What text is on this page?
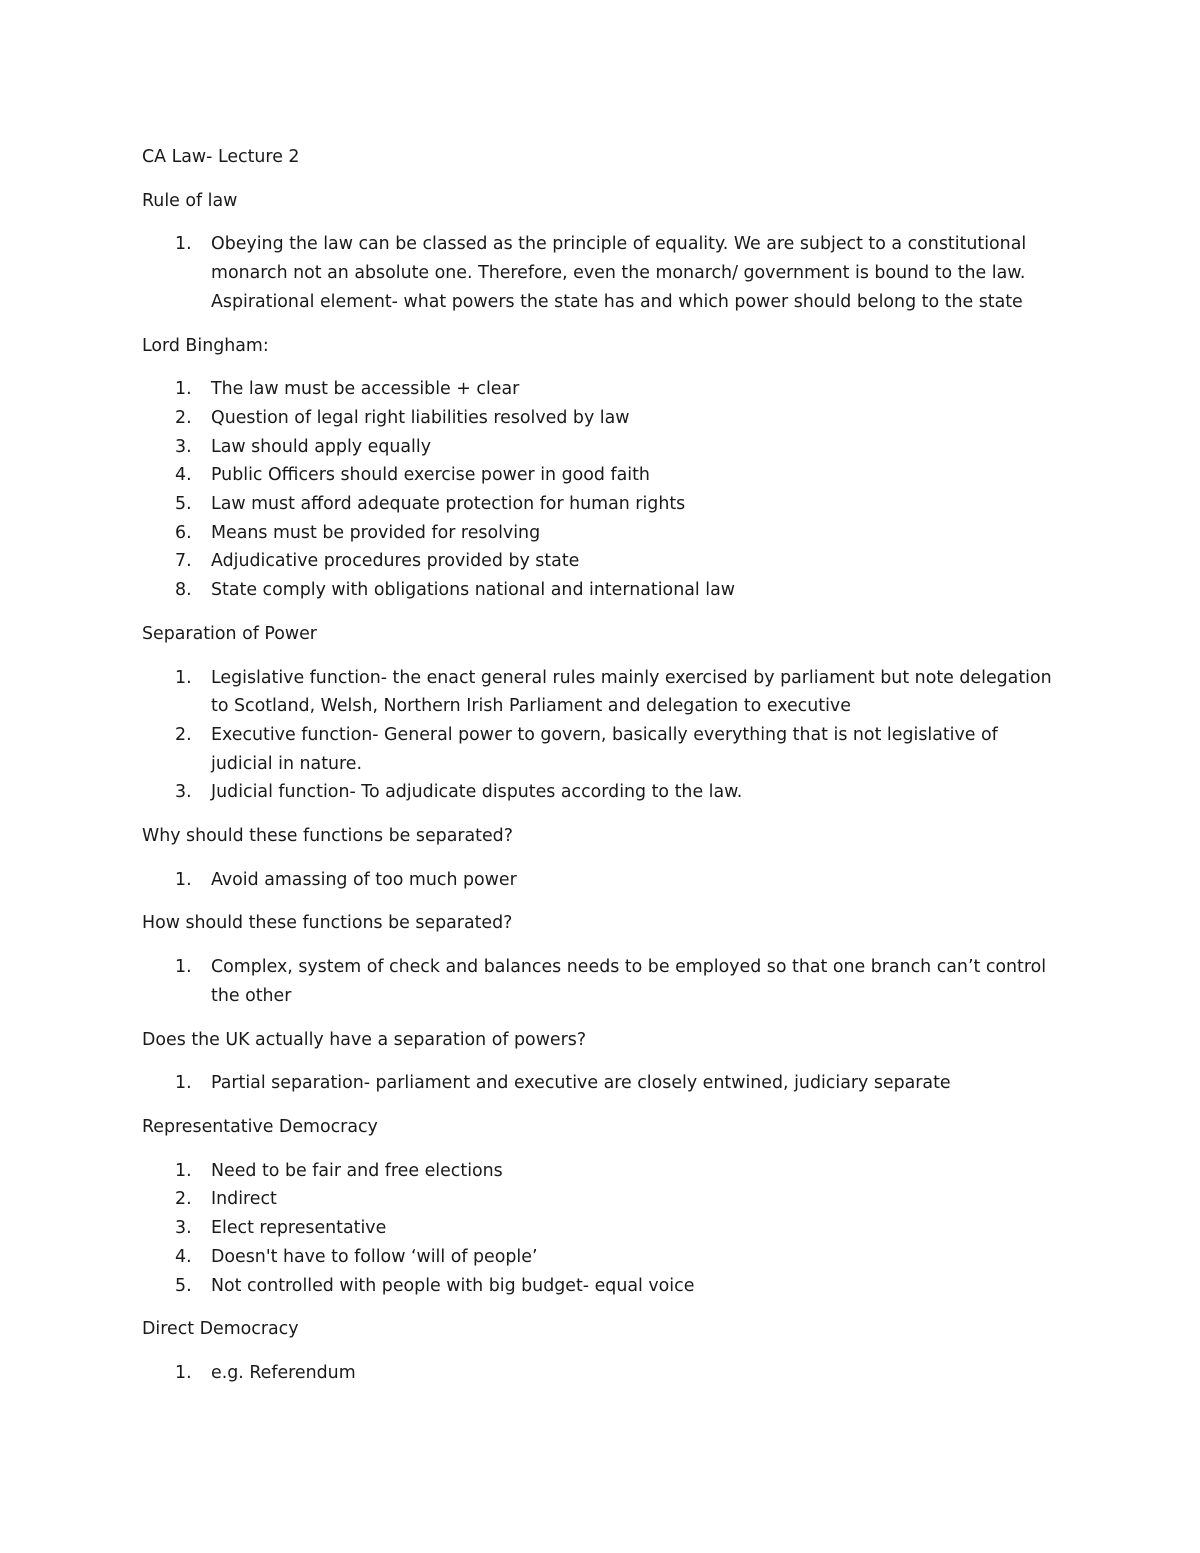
CA Law- Lecture 2

Rule of law

1. Obeying the law can be classed as the principle of equality. We are subject to a constitutional monarch not an absolute one. Therefore, even the monarch/ government is bound to the law. Aspirational element- what powers the state has and which power should belong to the state

Lord Bingham:

1. The law must be accessible + clear
2. Question of legal right liabilities resolved by law
3. Law should apply equally
4. Public Officers should exercise power in good faith
5. Law must afford adequate protection for human rights
6. Means must be provided for resolving
7. Adjudicative procedures provided by state
8. State comply with obligations national and international law

Separation of Power

1. Legislative function- the enact general rules mainly exercised by parliament but note delegation to Scotland, Welsh, Northern Irish Parliament and delegation to executive
2. Executive function- General power to govern, basically everything that is not legislative of judicial in nature.
3. Judicial function- To adjudicate disputes according to the law.

Why should these functions be separated?

1. Avoid amassing of too much power

How should these functions be separated?

1. Complex, system of check and balances needs to be employed so that one branch can’t control the other

Does the UK actually have a separation of powers?

1. Partial separation- parliament and executive are closely entwined, judiciary separate

Representative Democracy

1. Need to be fair and free elections
2. Indirect
3. Elect representative
4. Doesn't have to follow ‘will of people’
5. Not controlled with people with big budget- equal voice

Direct Democracy

1. e.g. Referendum
